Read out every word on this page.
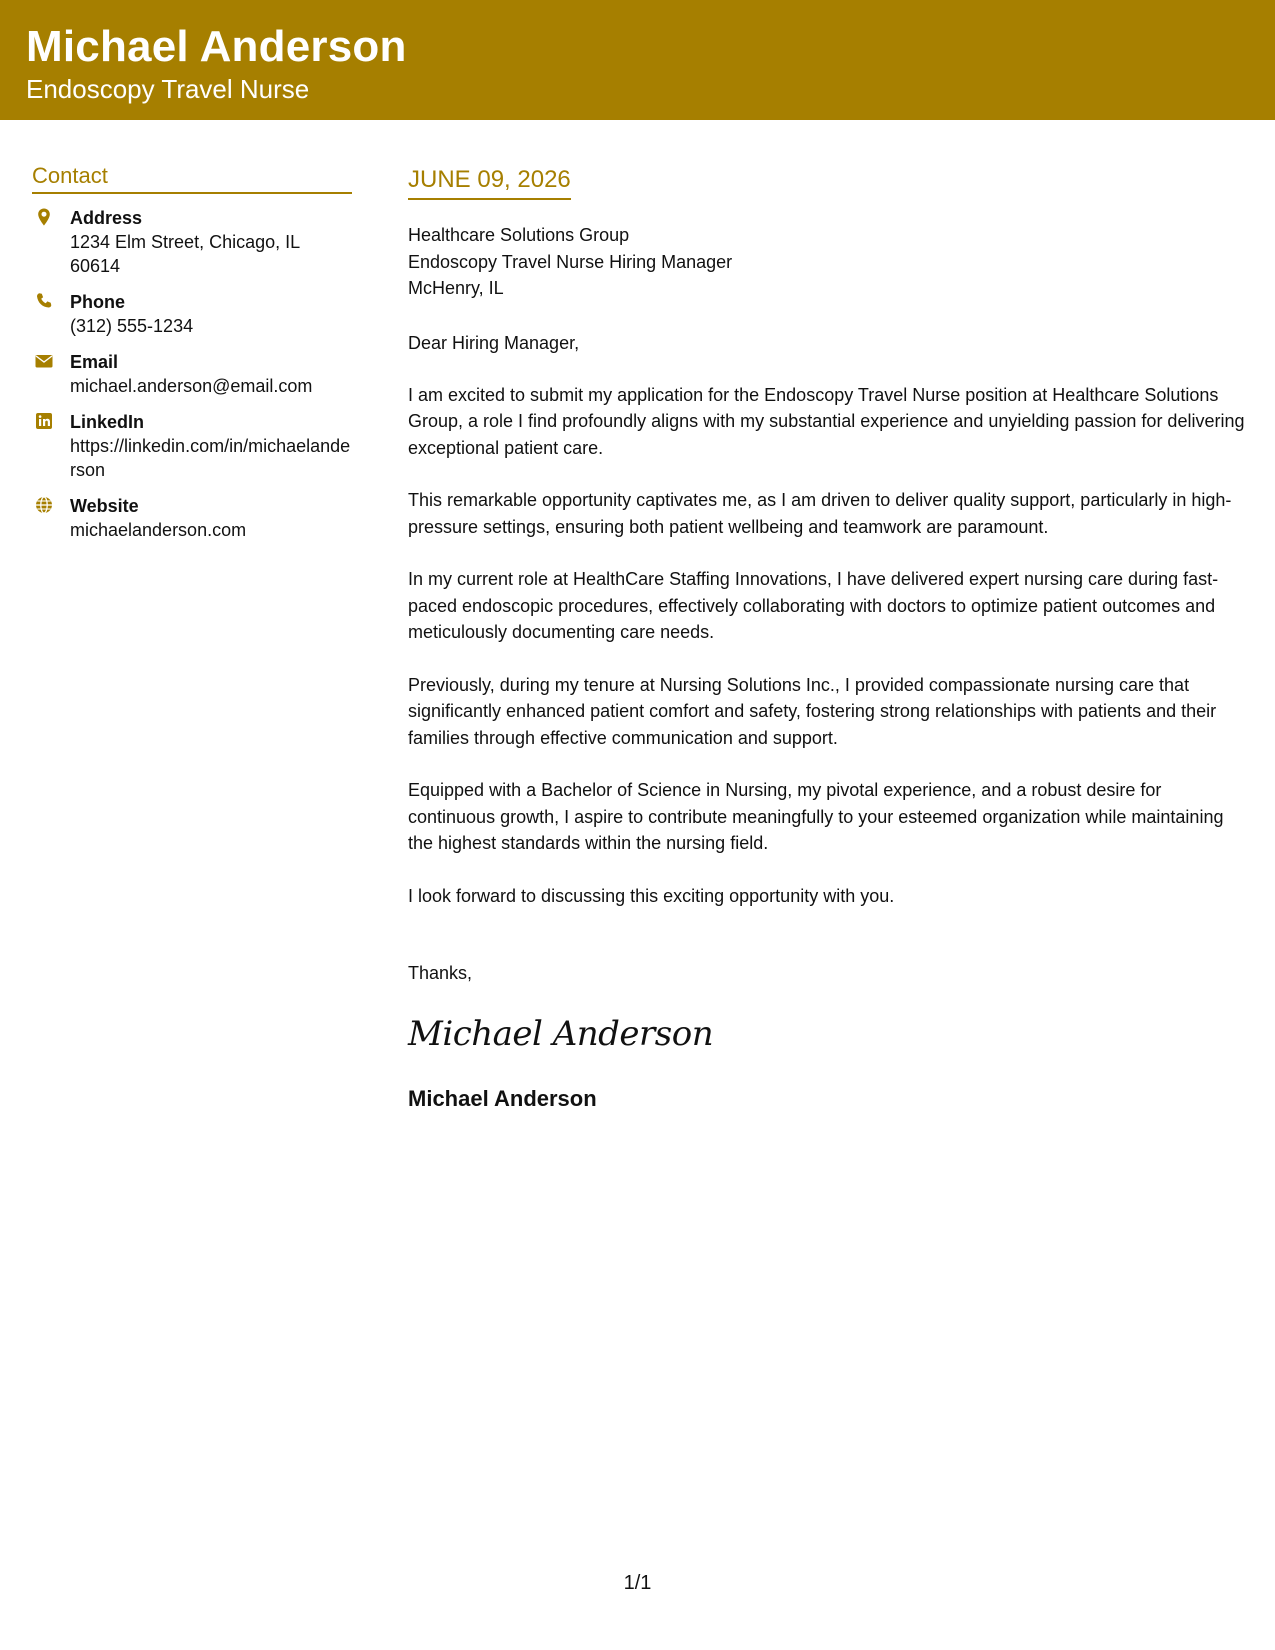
Michael Anderson
Endoscopy Travel Nurse
Contact
Address
1234 Elm Street, Chicago, IL 60614
Phone
(312) 555-1234
Email
michael.anderson@email.com
LinkedIn
https://linkedin.com/in/michaelanderson
Website
michaelanderson.com
JUNE 09, 2026
Healthcare Solutions Group
Endoscopy Travel Nurse Hiring Manager
McHenry, IL
Dear Hiring Manager,
I am excited to submit my application for the Endoscopy Travel Nurse position at Healthcare Solutions Group, a role I find profoundly aligns with my substantial experience and unyielding passion for delivering exceptional patient care.
This remarkable opportunity captivates me, as I am driven to deliver quality support, particularly in high-pressure settings, ensuring both patient wellbeing and teamwork are paramount.
In my current role at HealthCare Staffing Innovations, I have delivered expert nursing care during fast-paced endoscopic procedures, effectively collaborating with doctors to optimize patient outcomes and meticulously documenting care needs.
Previously, during my tenure at Nursing Solutions Inc., I provided compassionate nursing care that significantly enhanced patient comfort and safety, fostering strong relationships with patients and their families through effective communication and support.
Equipped with a Bachelor of Science in Nursing, my pivotal experience, and a robust desire for continuous growth, I aspire to contribute meaningfully to your esteemed organization while maintaining the highest standards within the nursing field.
I look forward to discussing this exciting opportunity with you.
Thanks,
Michael Anderson
Michael Anderson
1/1
